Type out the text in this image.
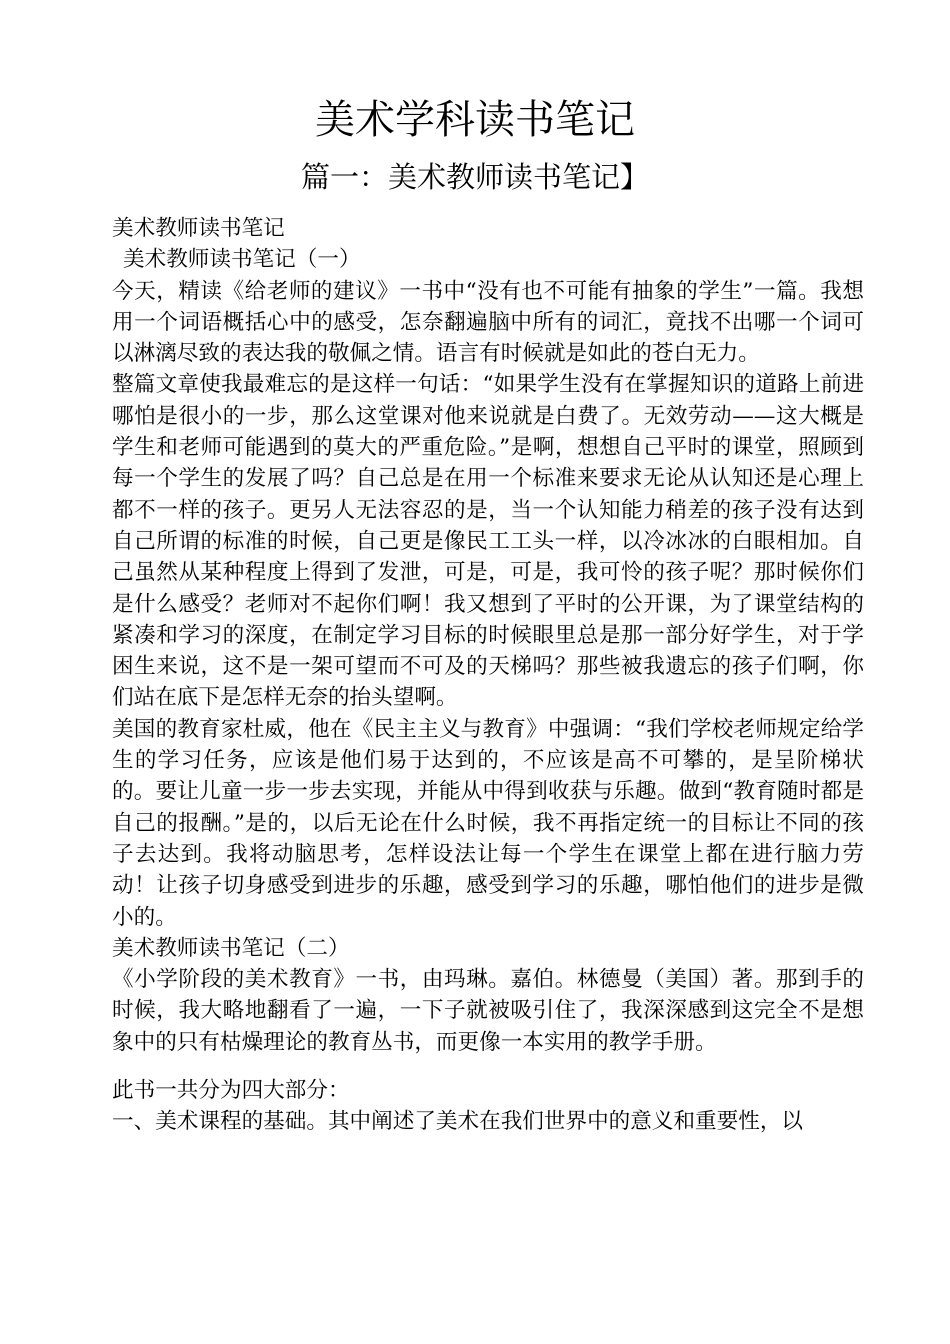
美术学科读书笔记
篇一：美术教师读书笔记】

美术教师读书笔记

美术教师读书笔记（一）

今天，精读《给老师的建议》一书中“没有也不可能有抽象的学生”一篇。我想用一个词语概括心中的感受，怎奈翻遍脑中所有的词汇，竟找不出哪一个词可以淋漓尽致的表达我的敬佩之情。语言有时候就是如此的苍白无力。

整篇文章使我最难忘的是这样一句话：“如果学生没有在掌握知识的道路上前进哪怕是很小的一步，那么这堂课对他来说就是白费了。无效劳动——这大概是学生和老师可能遇到的莫大的严重危险。”是啊，想想自己平时的课堂，照顾到每一个学生的发展了吗？自己总是在用一个标准来要求无论从认知还是心理上都不一样的孩子。更另人无法容忍的是，当一个认知能力稍差的孩子没有达到自己所谓的标准的时候，自己更是像民工工头一样，以冷冰冰的白眼相加。自己虽然从某种程度上得到了发泄，可是，可是，我可怜的孩子呢？那时候你们是什么感受？老师对不起你们啊！我又想到了平时的公开课，为了课堂结构的紧凑和学习的深度，在制定学习目标的时候眼里总是那一部分好学生，对于学困生来说，这不是一架可望而不可及的天梯吗？那些被我遗忘的孩子们啊，你们站在底下是怎样无奈的抬头望啊。

美国的教育家杜威，他在《民主主义与教育》中强调：“我们学校老师规定给学生的学习任务，应该是他们易于达到的，不应该是高不可攀的，是呈阶梯状的。要让儿童一步一步去实现，并能从中得到收获与乐趣。做到“教育随时都是自己的报酬。”是的，以后无论在什么时候，我不再指定统一的目标让不同的孩子去达到。我将动脑思考，怎样设法让每一个学生在课堂上都在进行脑力劳动！让孩子切身感受到进步的乐趣，感受到学习的乐趣，哪怕他们的进步是微小的。

美术教师读书笔记（二）

《小学阶段的美术教育》一书，由玛琳。嘉伯。林德曼（美国）著。那到手的时候，我大略地翻看了一遍，一下子就被吸引住了，我深深感到这完全不是想象中的只有枯燥理论的教育丛书，而更像一本实用的教学手册。

此书一共分为四大部分：

一、美术课程的基础。其中阐述了美术在我们世界中的意义和重要性，以
